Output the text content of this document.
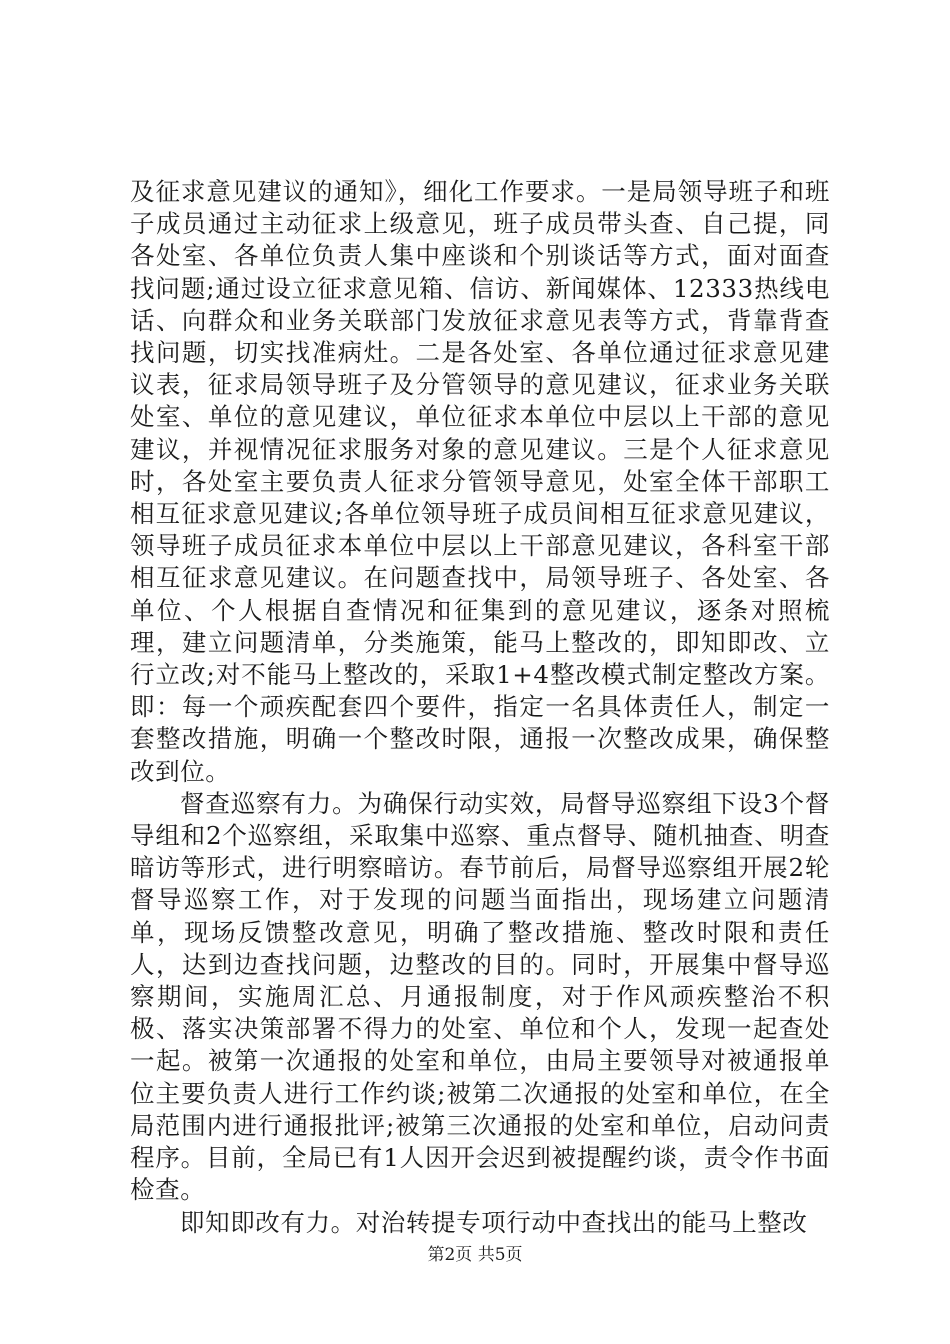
及征求意见建议的通知》，细化工作要求。一是局领导班子和班子成员通过主动征求上级意见，班子成员带头查、自己提，同各处室、各单位负责人集中座谈和个别谈话等方式，面对面查找问题;通过设立征求意见箱、信访、新闻媒体、12333热线电话、向群众和业务关联部门发放征求意见表等方式，背靠背查找问题，切实找准病灶。二是各处室、各单位通过征求意见建议表，征求局领导班子及分管领导的意见建议，征求业务关联处室、单位的意见建议，单位征求本单位中层以上干部的意见建议，并视情况征求服务对象的意见建议。三是个人征求意见时，各处室主要负责人征求分管领导意见，处室全体干部职工相互征求意见建议;各单位领导班子成员间相互征求意见建议，领导班子成员征求本单位中层以上干部意见建议，各科室干部相互征求意见建议。在问题查找中，局领导班子、各处室、各单位、个人根据自查情况和征集到的意见建议，逐条对照梳理，建立问题清单，分类施策，能马上整改的，即知即改、立行立改;对不能马上整改的，采取1+4整改模式制定整改方案。即：每一个顽疾配套四个要件，指定一名具体责任人，制定一套整改措施，明确一个整改时限，通报一次整改成果，确保整改到位。

督查巡察有力。为确保行动实效，局督导巡察组下设3个督导组和2个巡察组，采取集中巡察、重点督导、随机抽查、明查暗访等形式，进行明察暗访。春节前后，局督导巡察组开展2轮督导巡察工作，对于发现的问题当面指出，现场建立问题清单，现场反馈整改意见，明确了整改措施、整改时限和责任人，达到边查找问题，边整改的目的。同时，开展集中督导巡察期间，实施周汇总、月通报制度，对于作风顽疾整治不积极、落实决策部署不得力的处室、单位和个人，发现一起查处一起。被第一次通报的处室和单位，由局主要领导对被通报单位主要负责人进行工作约谈;被第二次通报的处室和单位，在全局范围内进行通报批评;被第三次通报的处室和单位，启动问责程序。目前，全局已有1人因开会迟到被提醒约谈，责令作书面检查。

即知即改有力。对治转提专项行动中查找出的能马上整改

第2页 共5页
